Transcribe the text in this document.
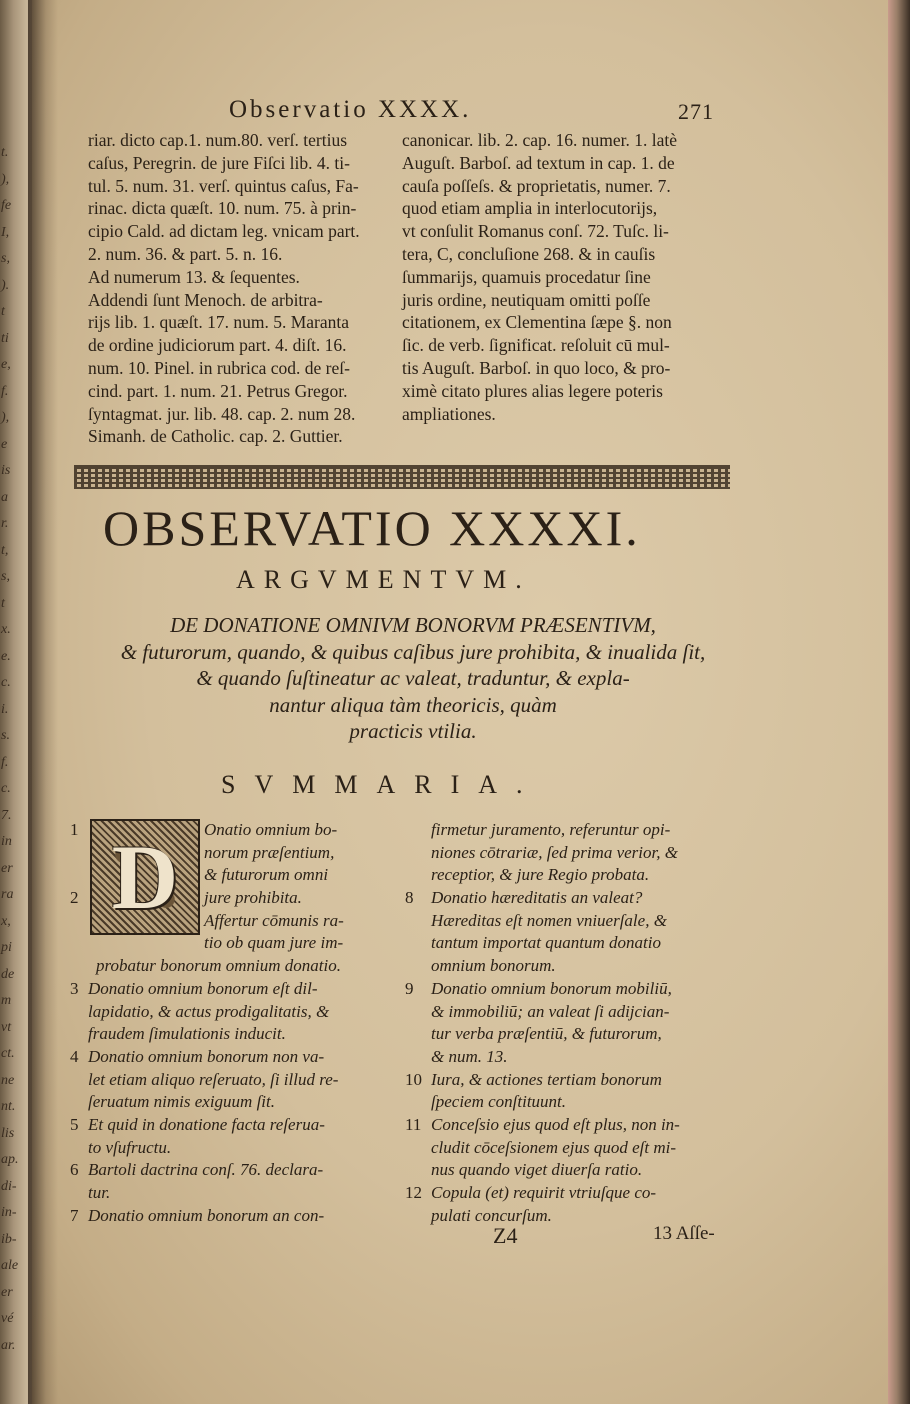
t.
),
fe
I,
s,
).
t
ti
e,
f.
),
e
is
a
r.
t,
s,
t
x.
e.
c.
i.
s.
f.
c.
7.
in
er
ra
x,
pi
de
m
vt
ct.
ne
nt.
lis
ap.
di-
in-
ib-
ale
er
vé
ar.
Observatio XXXX.	271
riar. dicto cap.1. num.80. verſ. tertius
caſus, Peregrin. de jure Fiſci lib. 4. ti-
tul. 5. num. 31. verſ. quintus caſus, Fa-
rinac. dicta quæſt. 10. num. 75. à prin-
cipio Cald. ad dictam leg. vnicam part.
2. num. 36. & part. 5. n. 16.
Ad numerum 13. & ſequentes.
Addendi ſunt Menoch. de arbitra-
rijs lib. 1. quæſt. 17. num. 5. Maranta
de ordine judiciorum part. 4. diſt. 16.
num. 10. Pinel. in rubrica cod. de reſ-
cind. part. 1. num. 21. Petrus Gregor.
ſyntagmat. jur. lib. 48. cap. 2. num 28.
Simanh. de Catholic. cap. 2. Guttier.
canonicar. lib. 2. cap. 16. numer. 1. latè
Auguſt. Barboſ. ad textum in cap. 1. de
cauſa poſſeſs. & proprietatis, numer. 7.
quod etiam amplia in interlocutorijs,
vt conſulit Romanus conſ. 72. Tuſc. li-
tera, C, concluſione 268. & in cauſis
ſummarijs, quamuis procedatur ſine
juris ordine, neutiquam omitti poſſe
citationem, ex Clementina ſæpe §. non
ſic. de verb. ſignificat. reſoluit cū mul-
tis Auguſt. Barboſ. in quo loco, & pro-
ximè citato plures alias legere poteris
ampliationes.
OBSERVATIO XXXXI.
ARGVMENTVM.
DE DONATIONE OMNIVM BONORVM PRÆSENTIVM,
& futurorum, quando, & quibus caſibus jure prohibita, & inualida ſit,
& quando ſuſtineatur ac valeat, traduntur, & expla-
nantur aliqua tàm theoricis, quàm
practicis vtilia.
SVMMARIA.
D
1	Onatio omnium bo-
norum præſentium,
& futurorum omni
2	jure prohibita.
Affertur cōmunis ra-
tio ob quam jure im-
probatur bonorum omnium donatio.
3 Donatio omnium bonorum eſt dil-
lapidatio, & actus prodigalitatis, &
fraudem ſimulationis inducit.
4 Donatio omnium bonorum non va-
let etiam aliquo reſeruato, ſi illud re-
ſeruatum nimis exiguum ſit.
5 Et quid in donatione facta reſerua-
to vſufructu.
6 Bartoli dactrina conſ. 76. declara-
tur.
7 Donatio omnium bonorum an con-
firmetur juramento, referuntur opi-
niones cōtrariæ, ſed prima verior, &
receptior, & jure Regio probata.
8	Donatio hæreditatis an valeat?
Hæreditas eſt nomen vniuerſale, &
tantum importat quantum donatio
omnium bonorum.
9	Donatio omnium bonorum mobiliū,
& immobiliū; an valeat ſi adijcian-
tur verba præſentiū, & futurorum,
& num. 13.
10 Iura, & actiones tertiam bonorum
ſpeciem conſtituunt.
11 Conceſsio ejus quod eſt plus, non in-
cludit cōceſsionem ejus quod eſt mi-
nus quando viget diuerſa ratio.
12 Copula (et) requirit vtriuſque co-
pulati concurſum.
Z4	13 Aſſe-
